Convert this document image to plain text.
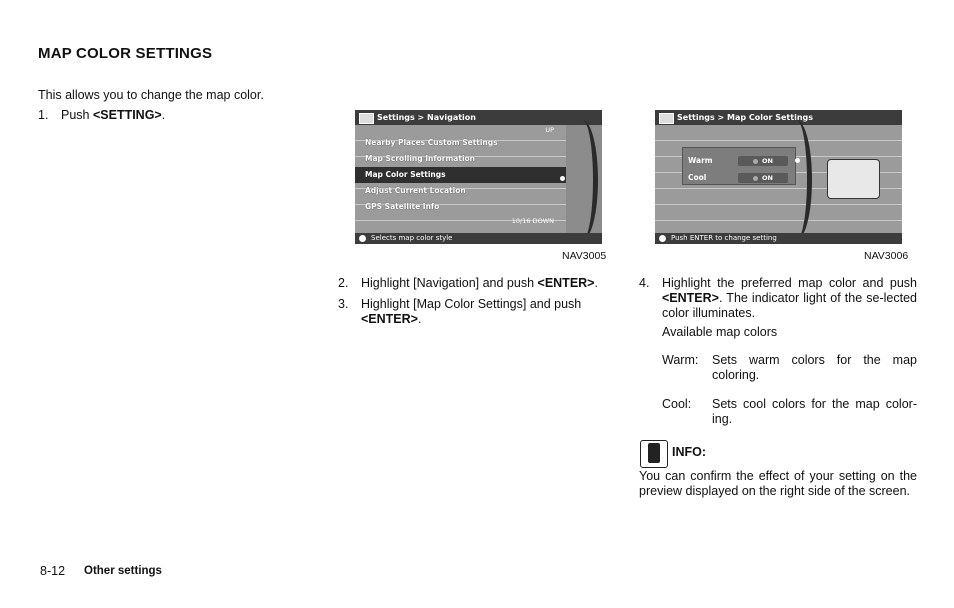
MAP COLOR SETTINGS
This allows you to change the map color.
1. Push <SETTING>.	Settings > Navigation
UP
Nearby Places Custom Settings
Map Scrolling Information
Map Color Settings
Adjust Current Location
GPS Satellite Info
10/16 DOWN
Selects map color style
NAV3005
Settings > Map Color Settings
Warm	ON
Cool	ON
Push ENTER to change setting
NAV3006
2. Highlight [Navigation] and push <ENTER>.
3. Highlight [Map Color Settings] and push
<ENTER>.
4. Highlight the preferred map color and push <ENTER>. The indicator light of the se-lected color illuminates.
Available map colors
Warm: Sets warm colors for the map coloring.
Cool: Sets cool colors for the map color-ing.
INFO:
You can confirm the effect of your setting on the preview displayed on the right side of the screen.
8-12 Other settings
